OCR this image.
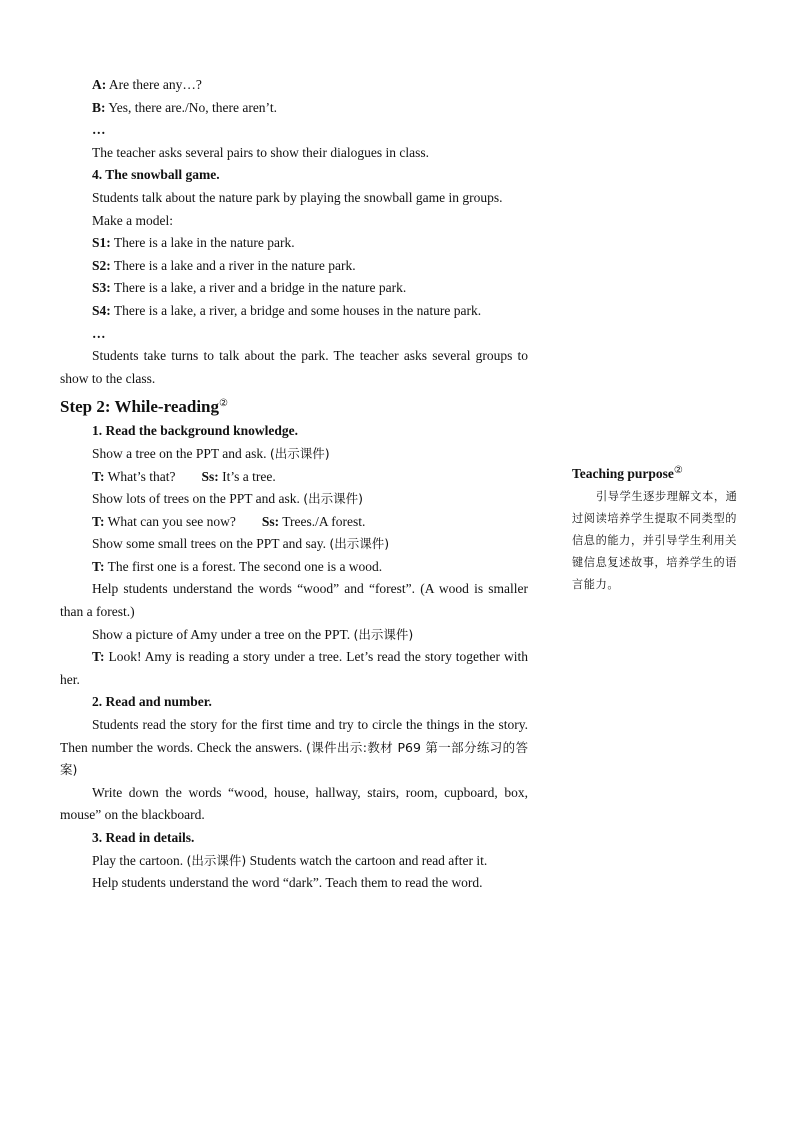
A: Are there any…?

B: Yes, there are./No, there aren’t.

…

The teacher asks several pairs to show their dialogues in class.

4. The snowball game.

Students talk about the nature park by playing the snowball game in groups.

Make a model:

S1: There is a lake in the nature park.

S2: There is a lake and a river in the nature park.

S3: There is a lake, a river and a bridge in the nature park.

S4: There is a lake, a river, a bridge and some houses in the nature park.

…

Students take turns to talk about the park. The teacher asks several groups to show to the class.

Step 2: While-reading②

1. Read the background knowledge.

Show a tree on the PPT and ask. (出示课件)

T: What’s that? Ss: It’s a tree.

Show lots of trees on the PPT and ask. (出示课件)

T: What can you see now? Ss: Trees./A forest.

Show some small trees on the PPT and say. (出示课件)

T: The first one is a forest. The second one is a wood.

Help students understand the words “wood” and “forest”. (A wood is smaller than a forest.)

Show a picture of Amy under a tree on the PPT. (出示课件)

T: Look! Amy is reading a story under a tree. Let’s read the story together with her.

2. Read and number.

Students read the story for the first time and try to circle the things in the story. Then number the words. Check the answers. (课件出示:教材 P69 第一部分练习的答案)

Write down the words “wood, house, hallway, stairs, room, cupboard, box, mouse” on the blackboard.

3. Read in details.

Play the cartoon. (出示课件) Students watch the cartoon and read after it.

Help students understand the word “dark”. Teach them to read the word.

Teaching purpose②
引导学生逐步理解文本，通过阅读培养学生提取不同类型的信息的能力，并引导学生利用关键信息复述故事，培养学生的语言能力。
